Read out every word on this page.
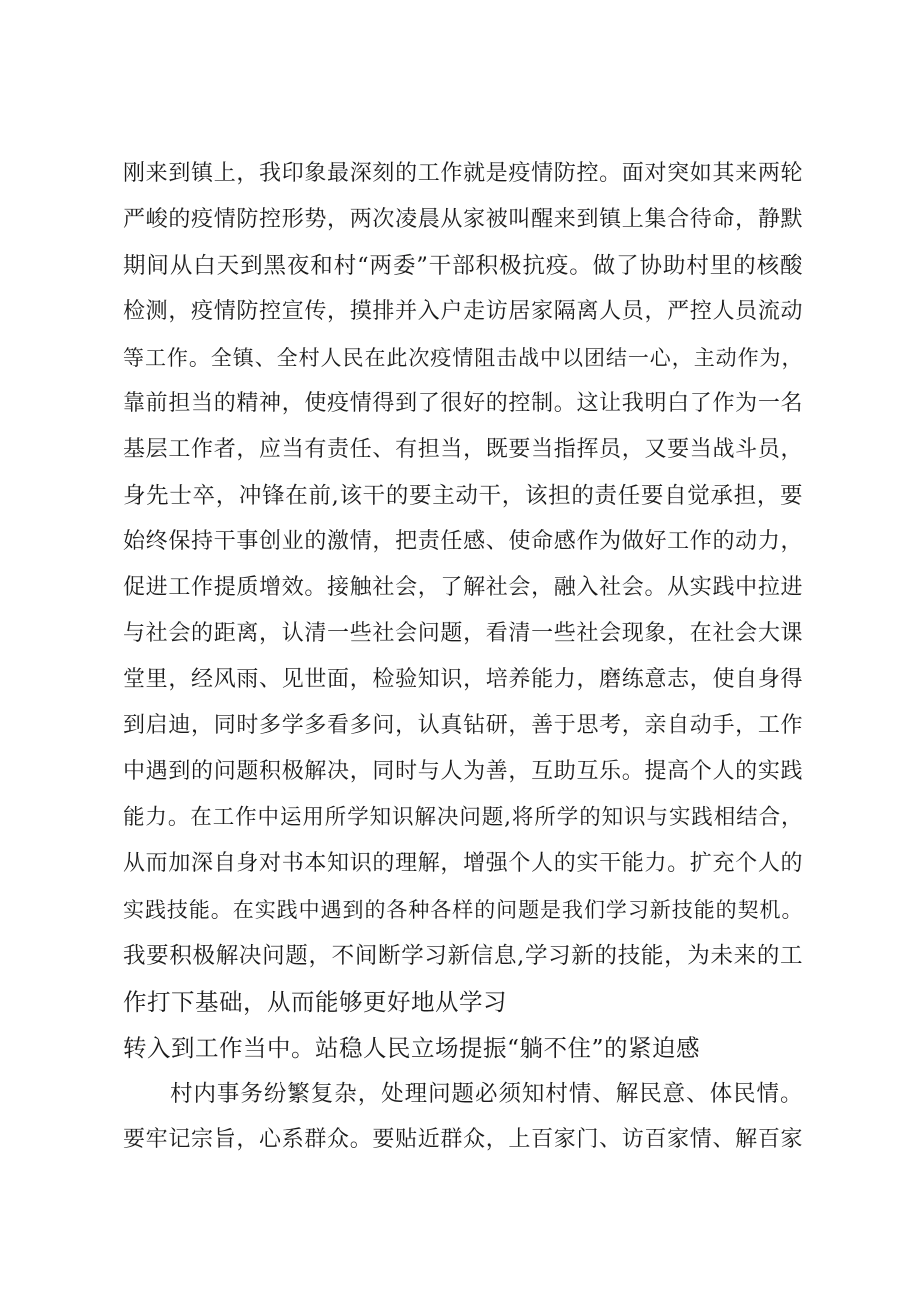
刚来到镇上，我印象最深刻的工作就是疫情防控。面对突如其来两轮
严峻的疫情防控形势，两次凌晨从家被叫醒来到镇上集合待命，静默
期间从白天到黑夜和村“两委”干部积极抗疫。做了协助村里的核酸
检测，疫情防控宣传，摸排并入户走访居家隔离人员，严控人员流动
等工作。全镇、全村人民在此次疫情阻击战中以团结一心，主动作为，
靠前担当的精神，使疫情得到了很好的控制。这让我明白了作为一名
基层工作者，应当有责任、有担当，既要当指挥员，又要当战斗员，
身先士卒，冲锋在前,该干的要主动干，该担的责任要自觉承担，要
始终保持干事创业的激情，把责任感、使命感作为做好工作的动力，
促进工作提质增效。接触社会，了解社会，融入社会。从实践中拉进
与社会的距离，认清一些社会问题，看清一些社会现象，在社会大课
堂里，经风雨、见世面，检验知识，培养能力，磨练意志，使自身得
到启迪，同时多学多看多问，认真钻研，善于思考，亲自动手，工作
中遇到的问题积极解决，同时与人为善，互助互乐。提高个人的实践
能力。在工作中运用所学知识解决问题,将所学的知识与实践相结合，
从而加深自身对书本知识的理解，增强个人的实干能力。扩充个人的
实践技能。在实践中遇到的各种各样的问题是我们学习新技能的契机。
我要积极解决问题，不间断学习新信息,学习新的技能，为未来的工
作打下基础，从而能够更好地从学习
转入到工作当中。站稳人民立场提振“躺不住”的紧迫感
村内事务纷繁复杂，处理问题必须知村情、解民意、体民情。
要牢记宗旨，心系群众。要贴近群众，上百家门、访百家情、解百家
